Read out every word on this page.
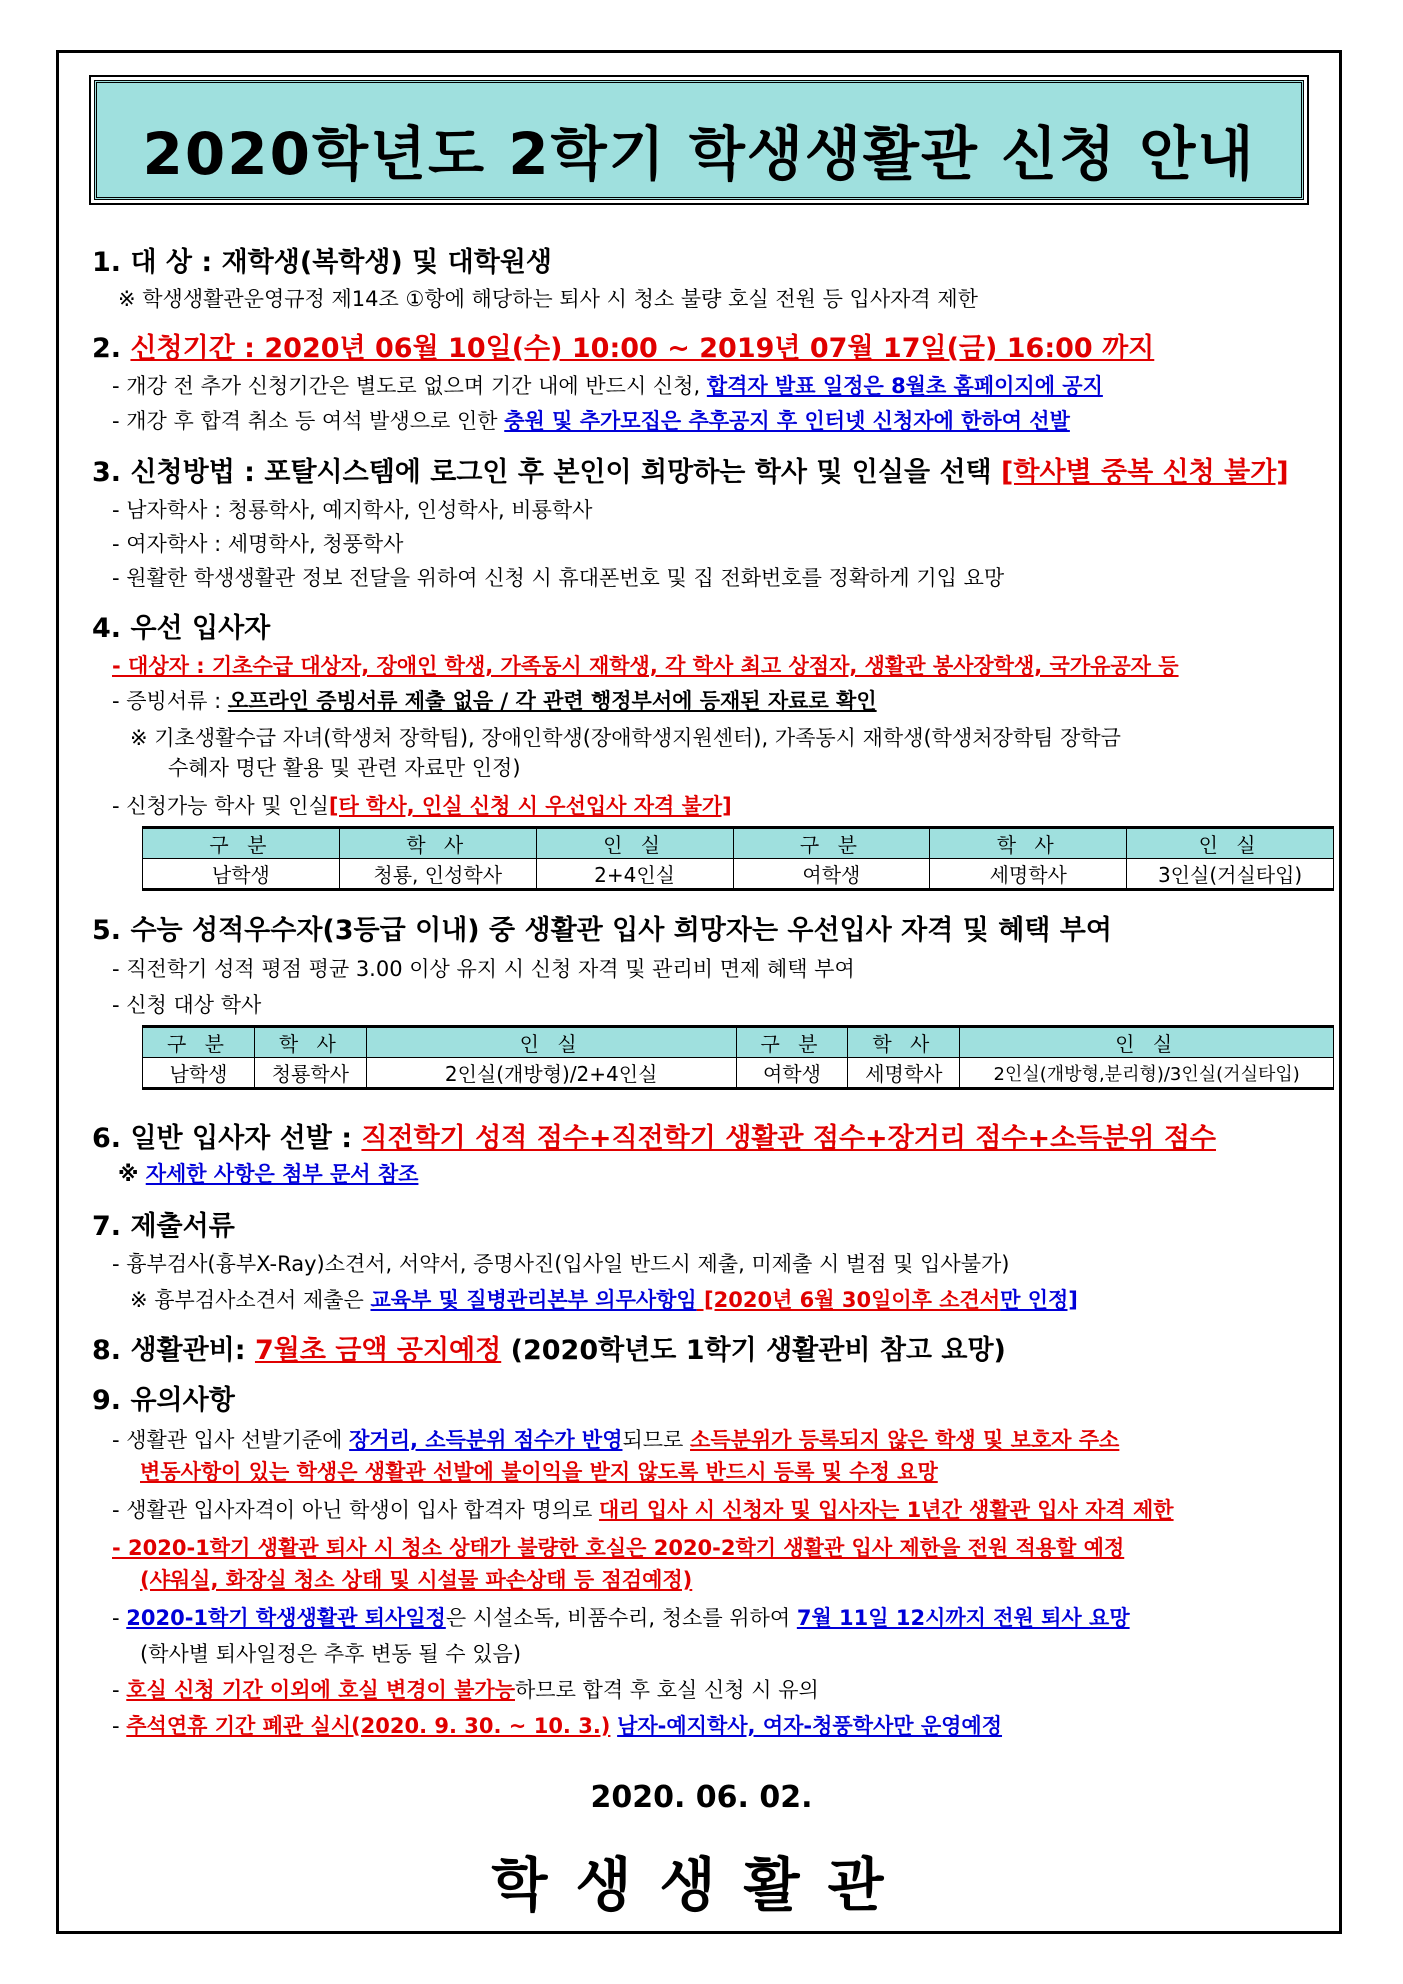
2020학년도 2학기 학생생활관 신청 안내
1. 대 상 : 재학생(복학생) 및 대학원생
※ 학생생활관운영규정 제14조 ①항에 해당하는 퇴사 시 청소 불량 호실 전원 등 입사자격 제한
2. 신청기간 : 2020년 06월 10일(수) 10:00 ~ 2019년 07월 17일(금) 16:00 까지
- 개강 전 추가 신청기간은 별도로 없으며 기간 내에 반드시 신청, 합격자 발표 일정은 8월초 홈페이지에 공지
- 개강 후 합격 취소 등 여석 발생으로 인한 충원 및 추가모집은 추후공지 후 인터넷 신청자에 한하여 선발
3. 신청방법 : 포탈시스템에 로그인 후 본인이 희망하는 학사 및 인실을 선택 [학사별 중복 신청 불가]
- 남자학사 : 청룡학사, 예지학사, 인성학사, 비룡학사
- 여자학사 : 세명학사, 청풍학사
- 원활한 학생생활관 정보 전달을 위하여 신청 시 휴대폰번호 및 집 전화번호를 정확하게 기입 요망
4. 우선 입사자
- 대상자 : 기초수급 대상자, 장애인 학생, 가족동시 재학생, 각 학사 최고 상점자, 생활관 봉사장학생, 국가유공자 등
- 증빙서류 : 오프라인 증빙서류 제출 없음 / 각 관련 행정부서에 등재된 자료로 확인
※ 기초생활수급 자녀(학생처 장학팀), 장애인학생(장애학생지원센터), 가족동시 재학생(학생처장학팀 장학금
수혜자 명단 활용 및 관련 자료만 인정)
- 신청가능 학사 및 인실[타 학사, 인실 신청 시 우선입사 자격 불가]
구 분	학 사	인 실	구 분	학 사	인 실
남학생	청룡, 인성학사	2+4인실	여학생	세명학사	3인실(거실타입)
5. 수능 성적우수자(3등급 이내) 중 생활관 입사 희망자는 우선입사 자격 및 혜택 부여
- 직전학기 성적 평점 평균 3.00 이상 유지 시 신청 자격 및 관리비 면제 혜택 부여
- 신청 대상 학사
구 분	학 사	인 실	구 분	학 사	인 실
남학생	청룡학사	2인실(개방형)/2+4인실	여학생	세명학사	2인실(개방형,분리형)/3인실(거실타입)
6. 일반 입사자 선발 : 직전학기 성적 점수+직전학기 생활관 점수+장거리 점수+소득분위 점수
※ 자세한 사항은 첨부 문서 참조
7. 제출서류
- 흉부검사(흉부X-Ray)소견서, 서약서, 증명사진(입사일 반드시 제출, 미제출 시 벌점 및 입사불가)
※ 흉부검사소견서 제출은 교육부 및 질병관리본부 의무사항임 [2020년 6월 30일이후 소견서만 인정]
8. 생활관비: 7월초 금액 공지예정 (2020학년도 1학기 생활관비 참고 요망)
9. 유의사항
- 생활관 입사 선발기준에 장거리, 소득분위 점수가 반영되므로 소득분위가 등록되지 않은 학생 및 보호자 주소
변동사항이 있는 학생은 생활관 선발에 불이익을 받지 않도록 반드시 등록 및 수정 요망
- 생활관 입사자격이 아닌 학생이 입사 합격자 명의로 대리 입사 시 신청자 및 입사자는 1년간 생활관 입사 자격 제한
- 2020-1학기 생활관 퇴사 시 청소 상태가 불량한 호실은 2020-2학기 생활관 입사 제한을 전원 적용할 예정
(샤워실, 화장실 청소 상태 및 시설물 파손상태 등 점검예정)
- 2020-1학기 학생생활관 퇴사일정은 시설소독, 비품수리, 청소를 위하여 7월 11일 12시까지 전원 퇴사 요망
(학사별 퇴사일정은 추후 변동 될 수 있음)
- 호실 신청 기간 이외에 호실 변경이 불가능하므로 합격 후 호실 신청 시 유의
- 추석연휴 기간 폐관 실시(2020. 9. 30. ~ 10. 3.) 남자-예지학사, 여자-청풍학사만 운영예정
2020. 06. 02.
학생생활관
